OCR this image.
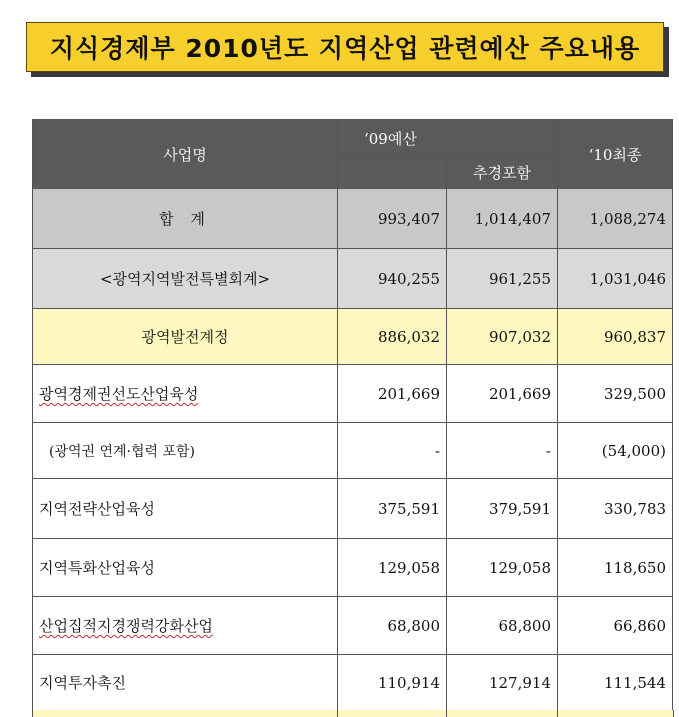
지식경제부 2010년도 지역산업 관련예산 주요내용
사업명	‘09예산		‘10최종
		추경포함	
합 계	993,407	1,014,407	1,088,274
<광역지역발전특별회계>	940,255	961,255	1,031,046
광역발전계정	886,032	907,032	960,837
광역경제권선도산업육성	201,669	201,669	329,500
(광역권 연계·협력 포함)	-	-	(54,000)
지역전략산업육성	375,591	379,591	330,783
지역특화산업육성	129,058	129,058	118,650
산업집적지경쟁력강화산업	68,800	68,800	66,860
지역투자촉진	110,914	127,914	111,544
